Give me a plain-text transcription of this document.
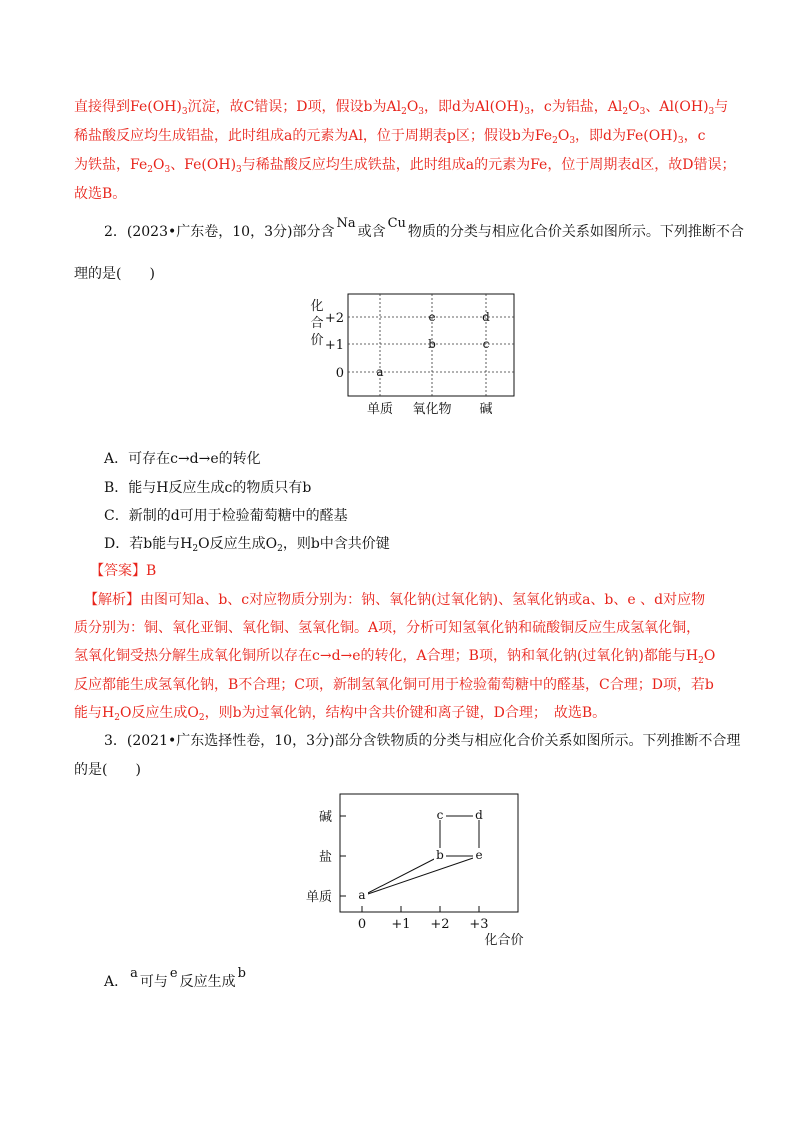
直接得到$Fe(OH)_3$沉淀，故C错误；D项，假设b为$Al_2O_3$，即d为$Al(OH)_3$，c为铝盐，$Al_2O_3$、$Al(OH)_3$与
稀盐酸反应均生成铝盐，此时组成a的元素为Al，位于周期表p区；假设b为$Fe_2O_3$，即d为$Fe(OH)_3$，c
为铁盐，$Fe_2O_3$、$Fe(OH)_3$与稀盐酸反应均生成铁盐，此时组成a的元素为Fe，位于周期表d区，故D错误；
故选B。
2．(2023•广东卷，10，3分)部分含Na或含Cu物质的分类与相应化合价关系如图所示。下列推断不合
理的是(　　)
化
合
价
+2
+1
0	a
e
b
d
c
单质 氧化物 碱
A．可存在c→d→e的转化
B．能与H反应生成c的物质只有b
C．新制的d可用于检验葡萄糖中的醛基
D．若b能与$H_2O$反应生成$O_2$，则b中含共价键
【答案】B
【解析】由图可知a、b、c对应物质分别为：钠、氧化钠(过氧化钠)、氢氧化钠或a、b、e 、d对应物
质分别为：铜、氧化亚铜、氧化铜、氢氧化铜。A项，分析可知氢氧化钠和硫酸铜反应生成氢氧化铜，
氢氧化铜受热分解生成氧化铜所以存在c→d→e的转化，A合理；B项，钠和氧化钠(过氧化钠)都能与$H_2O$
反应都能生成氢氧化钠，B不合理；C项，新制氢氧化铜可用于检验葡萄糖中的醛基，C合理；D项，若b
能与$H_2O$反应生成$O_2$，则b为过氧化钠，结构中含共价键和离子键，D合理；　故选B。
3．(2021•广东选择性卷，10，3分)部分含铁物质的分类与相应化合价关系如图所示。下列推断不合理
的是(　　)
碱
盐
单质
0 +1 +2 +3
a
b	e
c	d
化合价
A．a可与e反应生成b
